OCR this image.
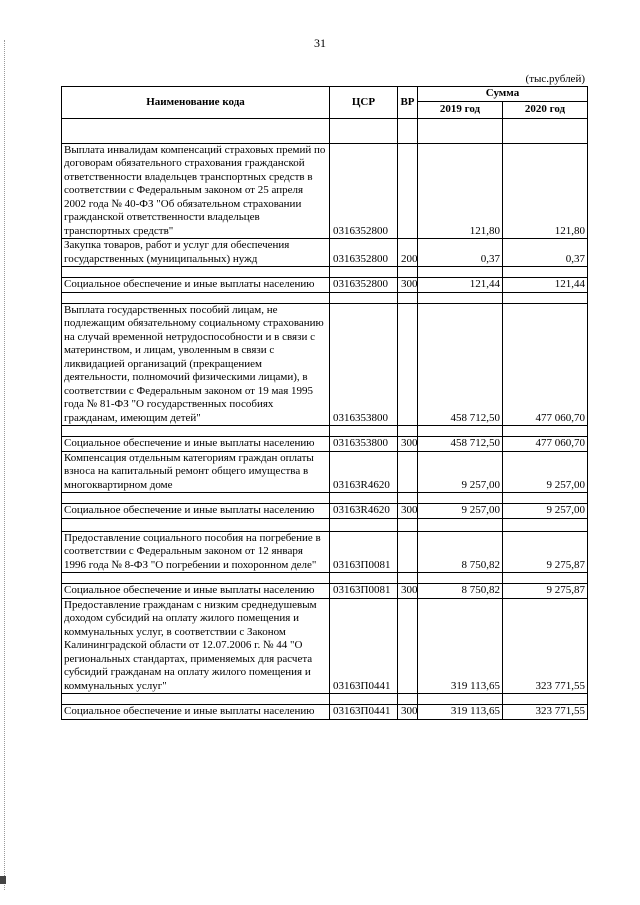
31
(тыс.рублей)
Наименование кода	ЦСР	ВР	Сумма	
			2019 год	2020 год

Выплата инвалидам компенсаций страховых премий по договорам обязательного страхования гражданской ответственности владельцев транспортных средств в соответствии с Федеральным законом от 25 апреля 2002 года № 40-ФЗ "Об обязательном страховании гражданской ответственности владельцев транспортных средств"	0316352800		121,80	121,80
Закупка товаров, работ и услуг для обеспечения государственных (муниципальных) нужд	0316352800	200	0,37	0,37

Социальное обеспечение и иные выплаты населению	0316352800	300	121,44	121,44

Выплата государственных пособий лицам, не подлежащим обязательному социальному страхованию на случай временной нетрудоспособности и в связи с материнством, и лицам, уволенным в связи с ликвидацией организаций (прекращением деятельности, полномочий физическими лицами), в соответствии с Федеральным законом от 19 мая 1995 года № 81-ФЗ "О государственных пособиях гражданам, имеющим детей"	0316353800		458 712,50	477 060,70

Социальное обеспечение и иные выплаты населению	0316353800	300	458 712,50	477 060,70
Компенсация отдельным категориям граждан оплаты взноса на капитальный ремонт общего имущества в многоквартирном доме	03163R4620		9 257,00	9 257,00

Социальное обеспечение и иные выплаты населению	03163R4620	300	9 257,00	9 257,00

Предоставление социального пособия на погребение в соответствии с Федеральным законом от 12 января 1996 года № 8-ФЗ "О погребении и похоронном деле"	03163П0081		8 750,82	9 275,87

Социальное обеспечение и иные выплаты населению	03163П0081	300	8 750,82	9 275,87
Предоставление гражданам с низким среднедушевым доходом субсидий на оплату жилого помещения и коммунальных услуг, в соответствии с Законом Калининградской области от 12.07.2006 г. № 44 "О региональных стандартах, применяемых для расчета субсидий гражданам на оплату жилого помещения и коммунальных услуг"	03163П0441		319 113,65	323 771,55

Социальное обеспечение и иные выплаты населению	03163П0441	300	319 113,65	323 771,55
